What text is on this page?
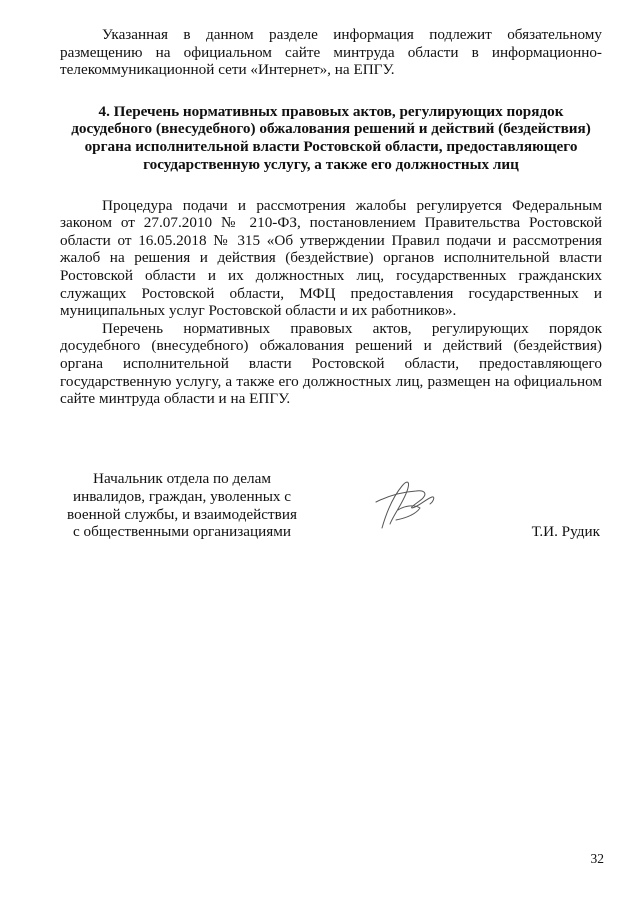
Указанная в данном разделе информация подлежит обязательному размещению на официальном сайте минтруда области в информационно-телекоммуникационной сети «Интернет», на ЕПГУ.

4. Перечень нормативных правовых актов, регулирующих порядок
досудебного (внесудебного) обжалования решений и действий (бездействия)
органа исполнительной власти Ростовской области, предоставляющего
государственную услугу, а также его должностных лиц

Процедура подачи и рассмотрения жалобы регулируется Федеральным законом от 27.07.2010 № 210-ФЗ, постановлением Правительства Ростовской области от 16.05.2018 № 315 «Об утверждении Правил подачи и рассмотрения жалоб на решения и действия (бездействие) органов исполнительной власти Ростовской области и их должностных лиц, государственных гражданских служащих Ростовской области, МФЦ предоставления государственных и муниципальных услуг Ростовской области и их работников».

Перечень нормативных правовых актов, регулирующих порядок досудебного (внесудебного) обжалования решений и действий (бездействия) органа исполнительной власти Ростовской области, предоставляющего государственную услугу, а также его должностных лиц, размещен на официальном сайте минтруда области и на ЕПГУ.

Начальник отдела по делам
инвалидов, граждан, уволенных с
военной службы, и взаимодействия
с общественными организациями	Т.И. Рудик
32
